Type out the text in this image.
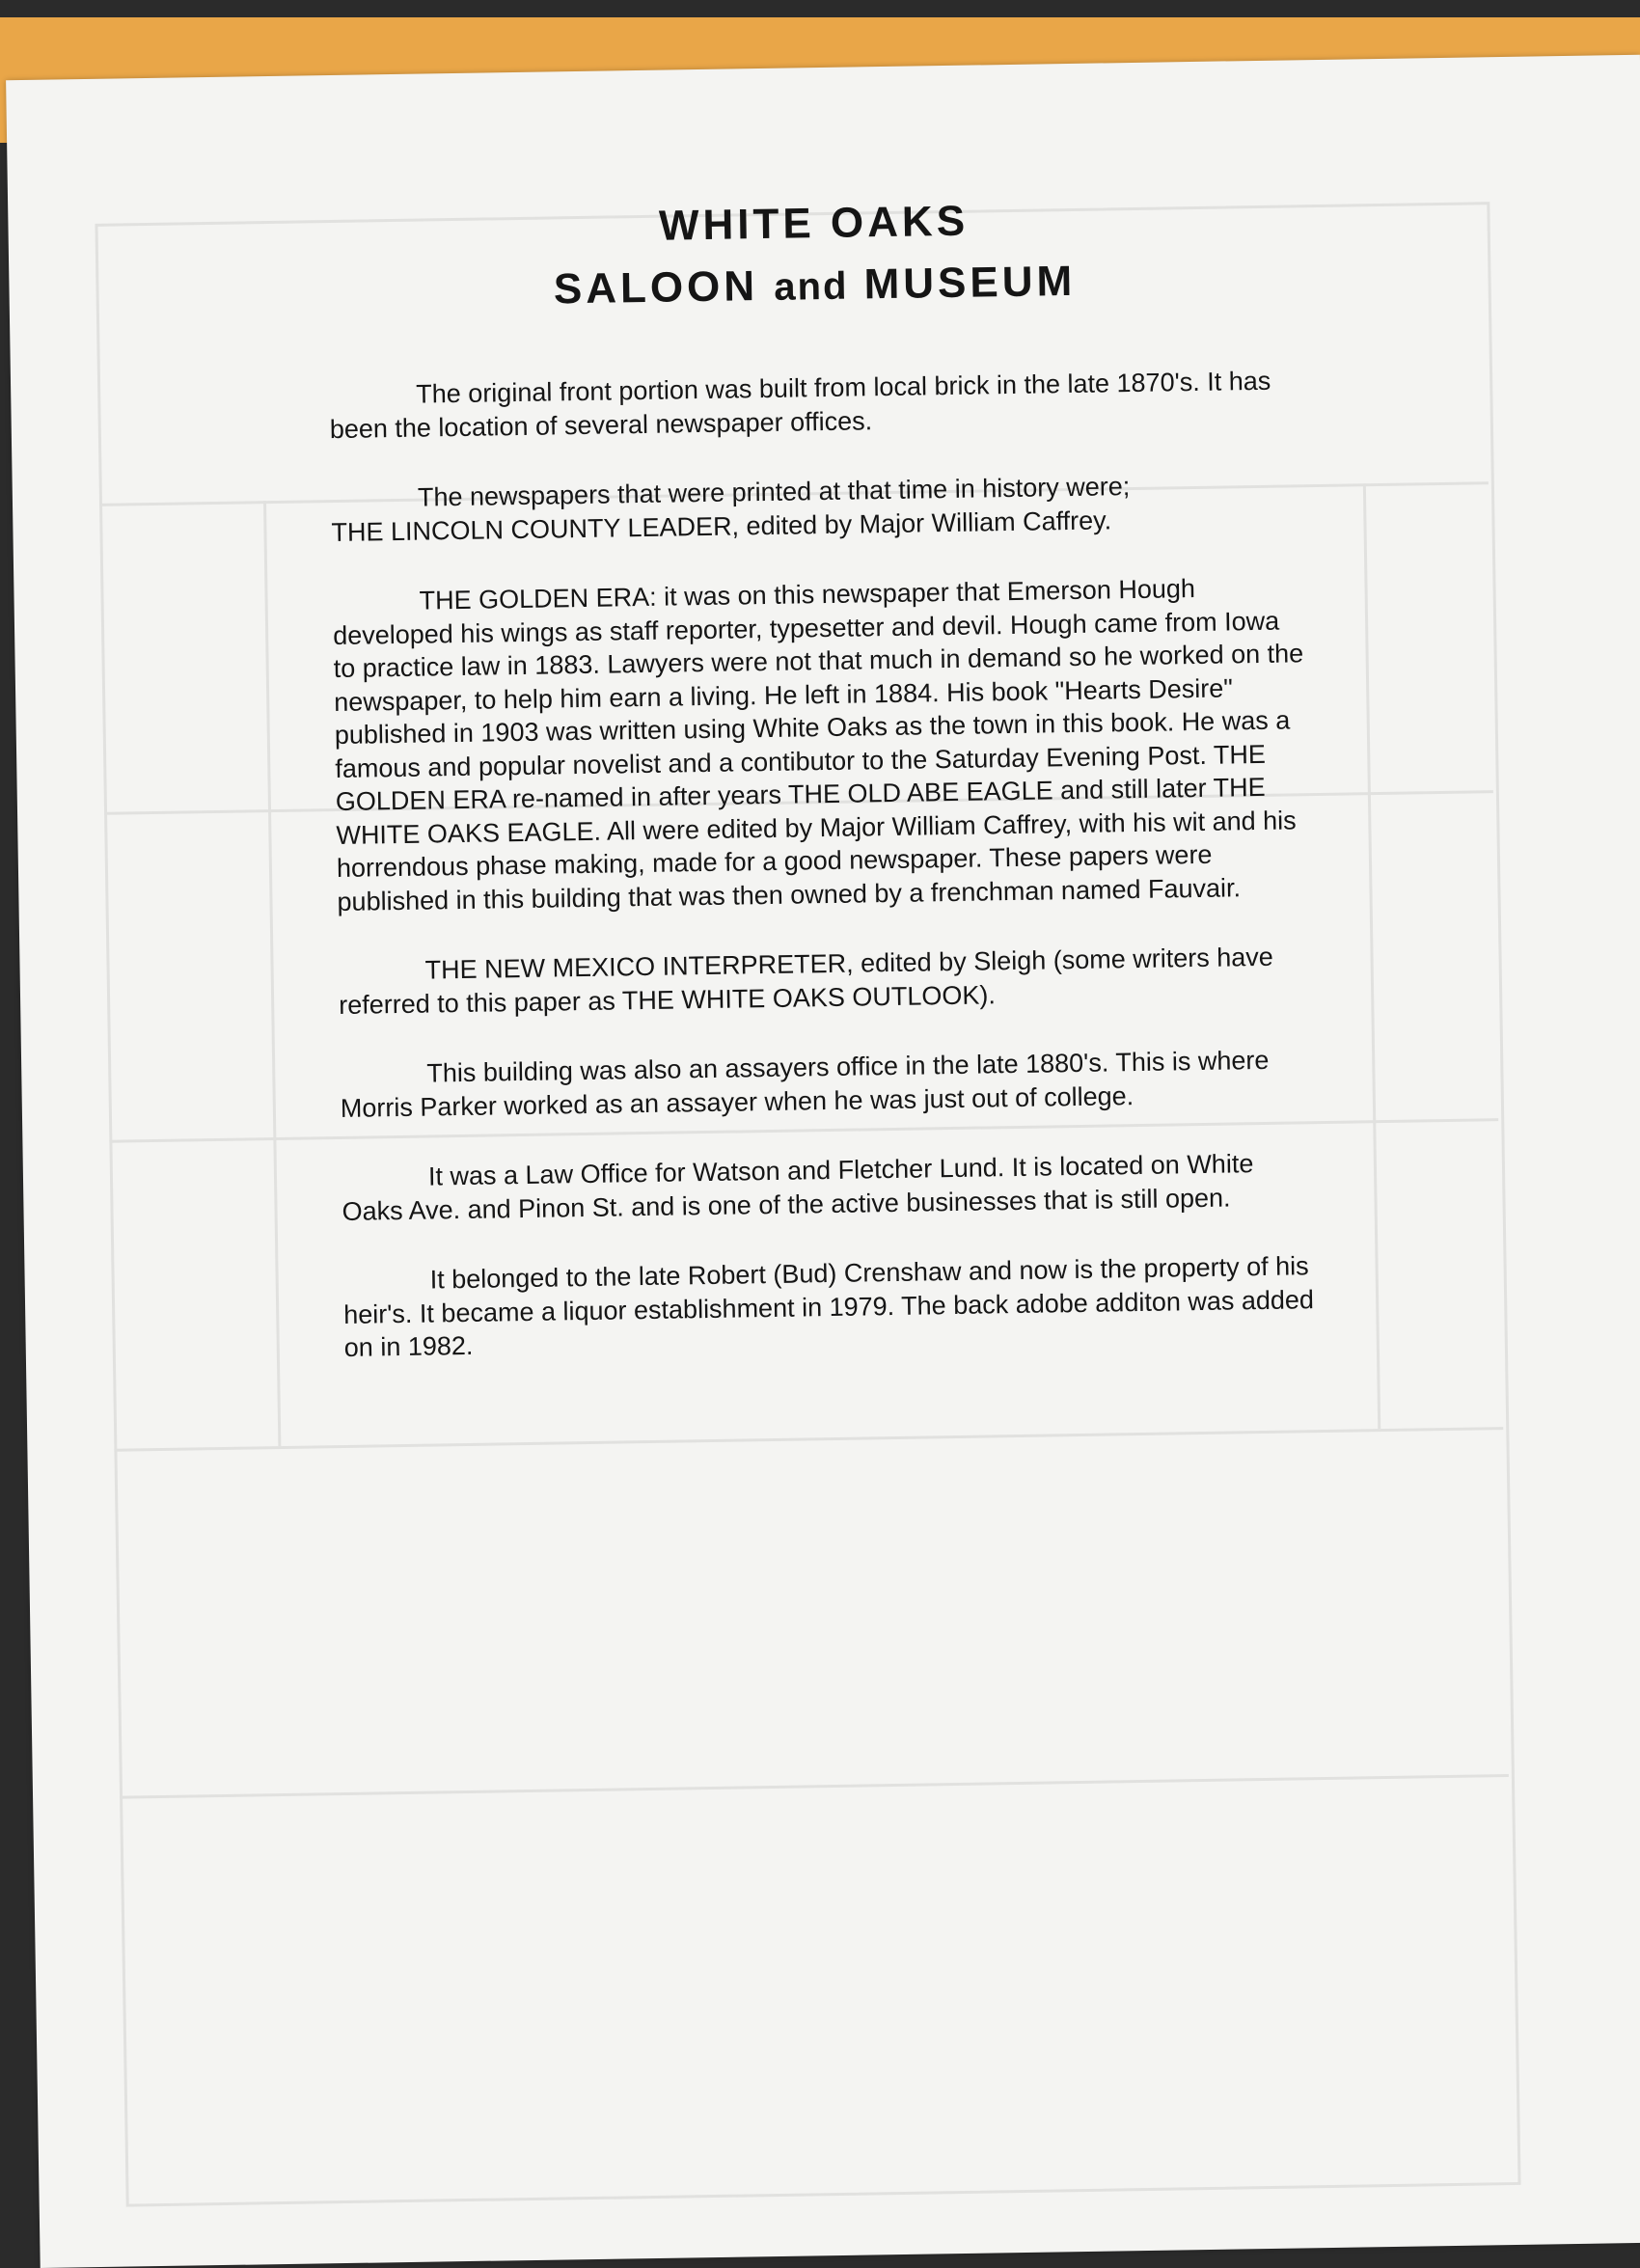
WHITE OAKS
SALOON and MUSEUM

The original front portion was built from local brick in the late 1870's. It has been the location of several newspaper offices.

The newspapers that were printed at that time in history were;
THE LINCOLN COUNTY LEADER, edited by Major William Caffrey.

THE GOLDEN ERA: it was on this newspaper that Emerson Hough developed his wings as staff reporter, typesetter and devil. Hough came from Iowa to practice law in 1883. Lawyers were not that much in demand so he worked on the newspaper, to help him earn a living. He left in 1884. His book "Hearts Desire" published in 1903 was written using White Oaks as the town in this book. He was a famous and popular novelist and a contibutor to the Saturday Evening Post. THE GOLDEN ERA re-named in after years THE OLD ABE EAGLE and still later THE WHITE OAKS EAGLE. All were edited by Major William Caffrey, with his wit and his horrendous phase making, made for a good newspaper. These papers were published in this building that was then owned by a frenchman named Fauvair.

THE NEW MEXICO INTERPRETER, edited by Sleigh (some writers have referred to this paper as THE WHITE OAKS OUTLOOK).

This building was also an assayers office in the late 1880's. This is where Morris Parker worked as an assayer when he was just out of college.

It was a Law Office for Watson and Fletcher Lund. It is located on White Oaks Ave. and Pinon St. and is one of the active businesses that is still open.

It belonged to the late Robert (Bud) Crenshaw and now is the property of his heir's. It became a liquor establishment in 1979. The back adobe additon was added on in 1982.
